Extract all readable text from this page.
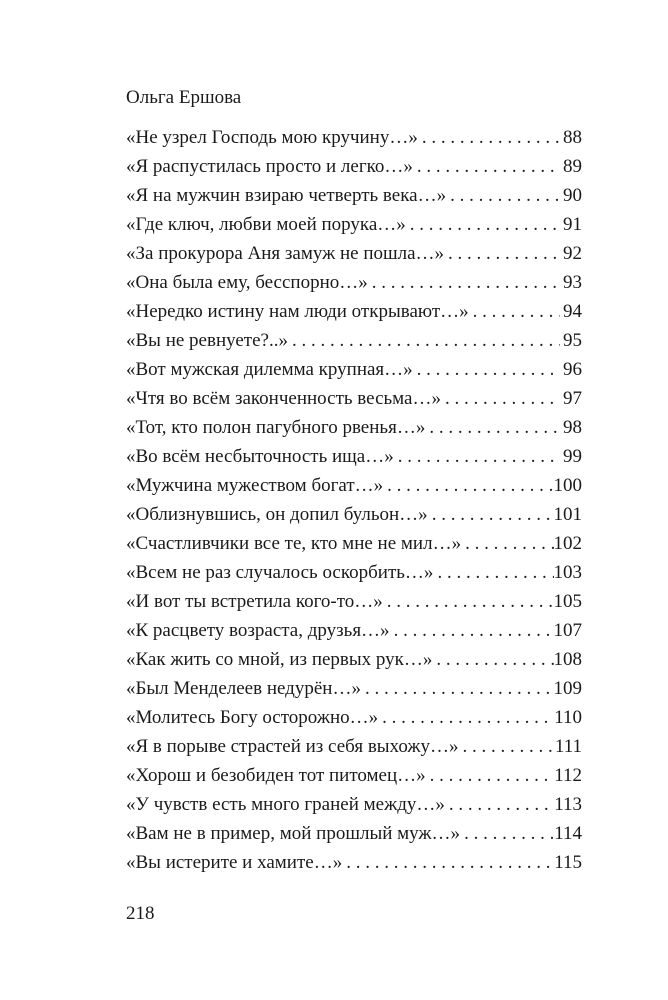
Ольга Ершова
«Не узрел Господь мою кручину…» . . .	88
«Я распустилась просто и легко…» . . .	89
«Я на мужчин взираю четверть века…» . . .	90
«Где ключ, любви моей порука…» . . .	91
«За прокурора Аня замуж не пошла…» . . .	92
«Она была ему, бесспорно…» . . .	93
«Нередко истину нам люди открывают…» . . .	94
«Вы не ревнуете?..» . . .	95
«Вот мужская дилемма крупная…» . . .	96
«Чтя во всём законченность весьма…» . . .	97
«Тот, кто полон пагубного рвенья…» . . .	98
«Во всём несбыточность ища…» . . .	99
«Мужчина мужеством богат…» . . .	100
«Облизнувшись, он допил бульон…» . . .	101
«Счастливчики все те, кто мне не мил…» . . .	102
«Всем не раз случалось оскорбить…» . . .	103
«И вот ты встретила кого-то…» . . .	105
«К расцвету возраста, друзья…» . . .	107
«Как жить со мной, из первых рук…» . . .	108
«Был Менделеев недурён…» . . .	109
«Молитесь Богу осторожно…» . . .	110
«Я в порыве страстей из себя выхожу…» . . .	111
«Хорош и безобиден тот питомец…» . . .	112
«У чувств есть много граней между…» . . .	113
«Вам не в пример, мой прошлый муж…» . . .	114
«Вы истерите и хамите…» . . .	115
218
